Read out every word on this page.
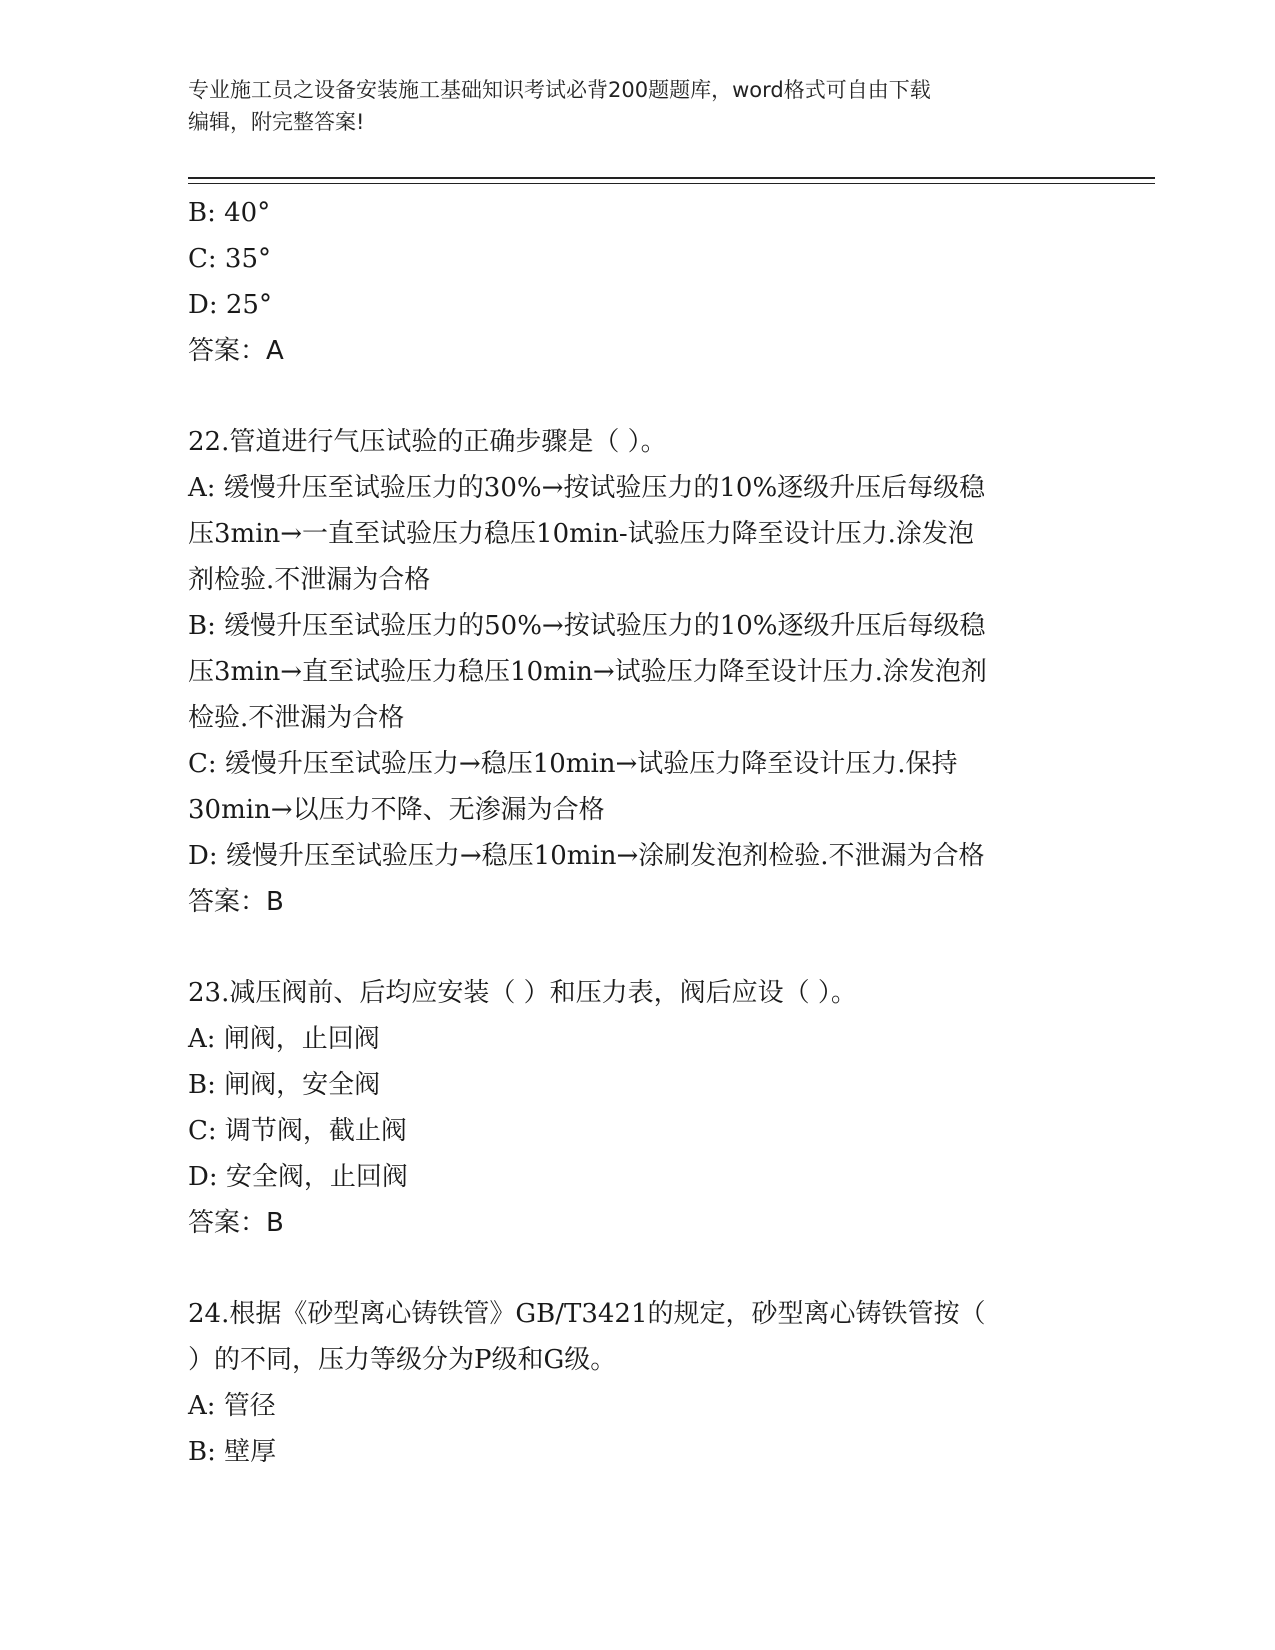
专业施工员之设备安装施工基础知识考试必背200题题库，word格式可自由下载
编辑，附完整答案!

B: 40°

C: 35°

D: 25°

答案：A

22.管道进行气压试验的正确步骤是（ ）。

A: 缓慢升压至试验压力的30%→按试验压力的10%逐级升压后每级稳

压3min→一直至试验压力稳压10min-试验压力降至设计压力.涂发泡

剂检验.不泄漏为合格

B: 缓慢升压至试验压力的50%→按试验压力的10%逐级升压后每级稳

压3min→直至试验压力稳压10min→试验压力降至设计压力.涂发泡剂

检验.不泄漏为合格

C: 缓慢升压至试验压力→稳压10min→试验压力降至设计压力.保持

30min→以压力不降、无渗漏为合格

D: 缓慢升压至试验压力→稳压10min→涂刷发泡剂检验.不泄漏为合格

答案：B

23.减压阀前、后均应安装（ ）和压力表，阀后应设（ ）。

A: 闸阀，止回阀

B: 闸阀，安全阀

C: 调节阀，截止阀

D: 安全阀，止回阀

答案：B

24.根据《砂型离心铸铁管》GB/T3421的规定，砂型离心铸铁管按（

）的不同，压力等级分为P级和G级。

A: 管径

B: 壁厚
